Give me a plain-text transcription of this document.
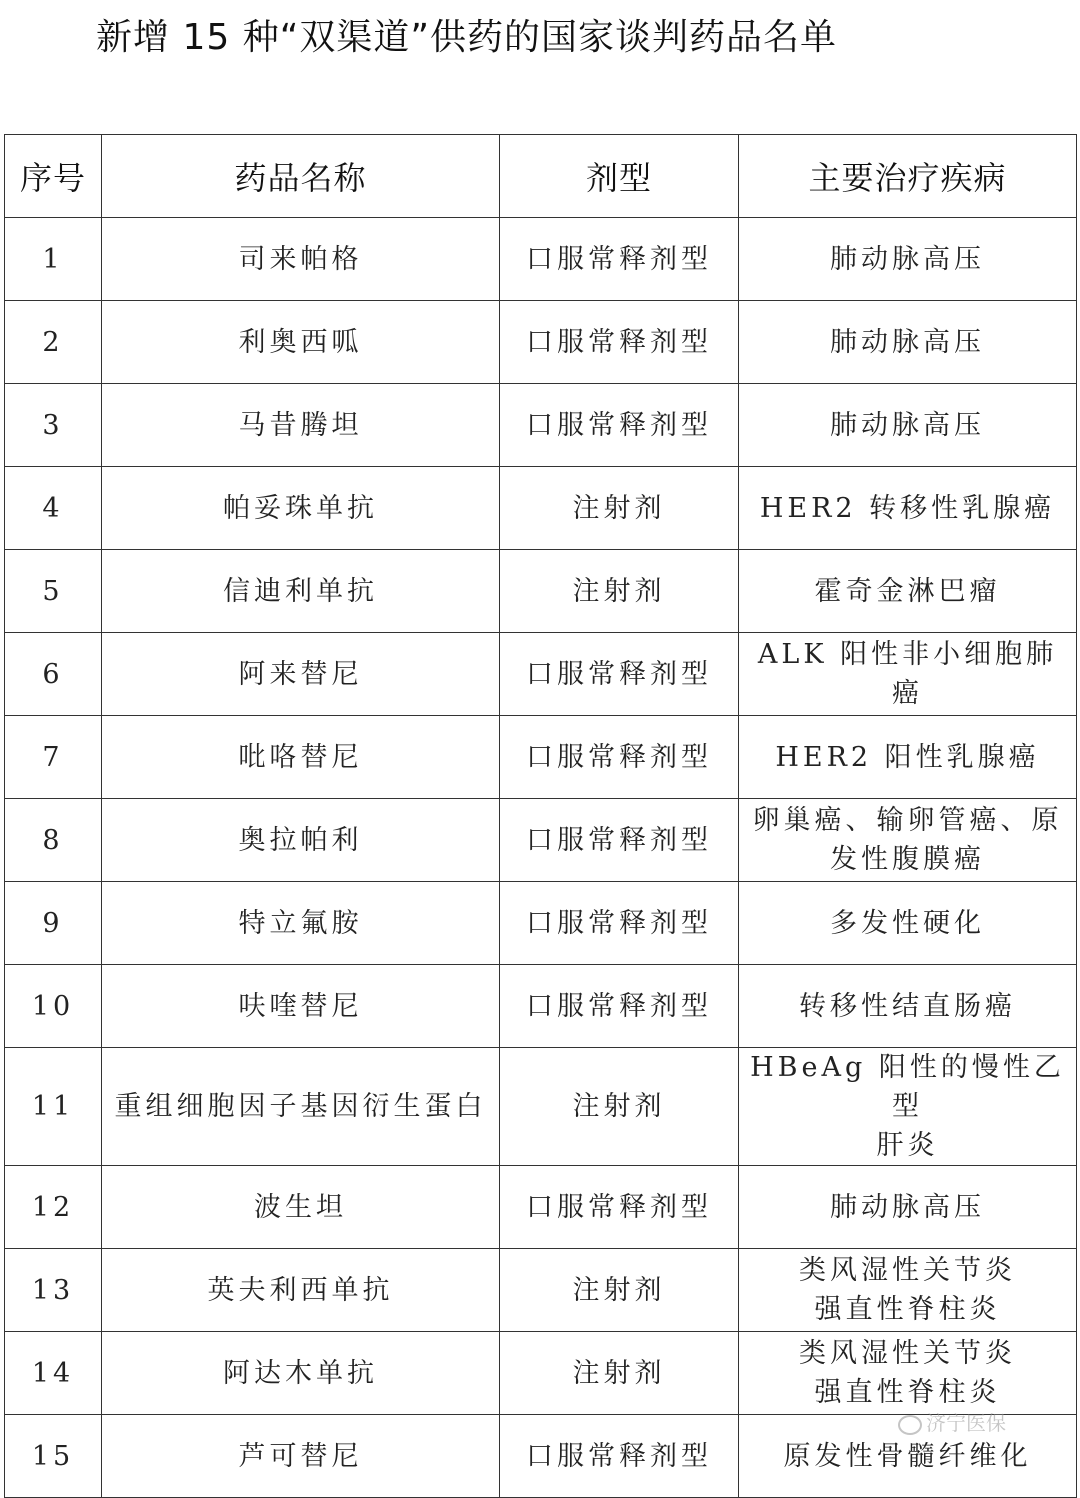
新增 15 种“双渠道”供药的国家谈判药品名单
序号	药品名称	剂型	主要治疗疾病
1	司来帕格	口服常释剂型	肺动脉高压

2	利奥西呱	口服常释剂型	肺动脉高压

3	马昔腾坦	口服常释剂型	肺动脉高压

4	帕妥珠单抗	注射剂	HER2 转移性乳腺癌

5	信迪利单抗	注射剂	霍奇金淋巴瘤

6	阿来替尼	口服常释剂型	ALK 阳性非小细胞肺癌

7	吡咯替尼	口服常释剂型	HER2 阳性乳腺癌

8	奥拉帕利	口服常释剂型	卵巢癌、输卵管癌、原
发性腹膜癌

9	特立氟胺	口服常释剂型	多发性硬化

10	呋喹替尼	口服常释剂型	转移性结直肠癌

11	重组细胞因子基因衍生蛋白	注射剂	HBeAg 阳性的慢性乙型
肝炎

12	波生坦	口服常释剂型	肺动脉高压

13	英夫利西单抗	注射剂	类风湿性关节炎
强直性脊柱炎

14	阿达木单抗	注射剂	类风湿性关节炎
强直性脊柱炎

15	芦可替尼	口服常释剂型	原发性骨髓纤维化
济宁医保
